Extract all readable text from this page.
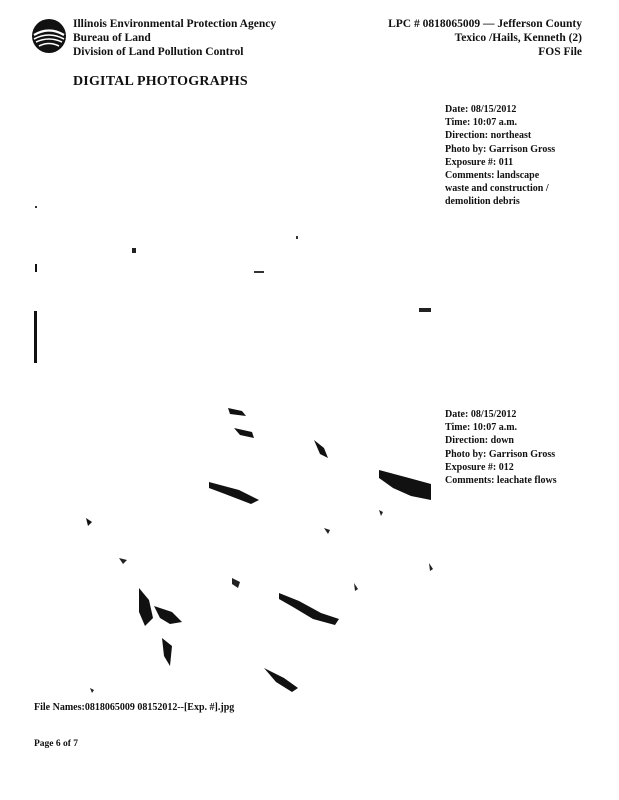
Illinois Environmental Protection Agency
Bureau of Land
Division of Land Pollution Control
LPC # 0818065009 — Jefferson County
Texico /Hails, Kenneth (2)
FOS File
DIGITAL PHOTOGRAPHS
Date: 08/15/2012
Time: 10:07 a.m.
Direction: northeast
Photo by: Garrison Gross
Exposure #: 011
Comments: landscape
waste and construction /
demolition debris
Date: 08/15/2012
Time: 10:07 a.m.
Direction: down
Photo by: Garrison Gross
Exposure #: 012
Comments: leachate flows
File Names:0818065009 08152012--[Exp. #].jpg
Page 6 of 7
